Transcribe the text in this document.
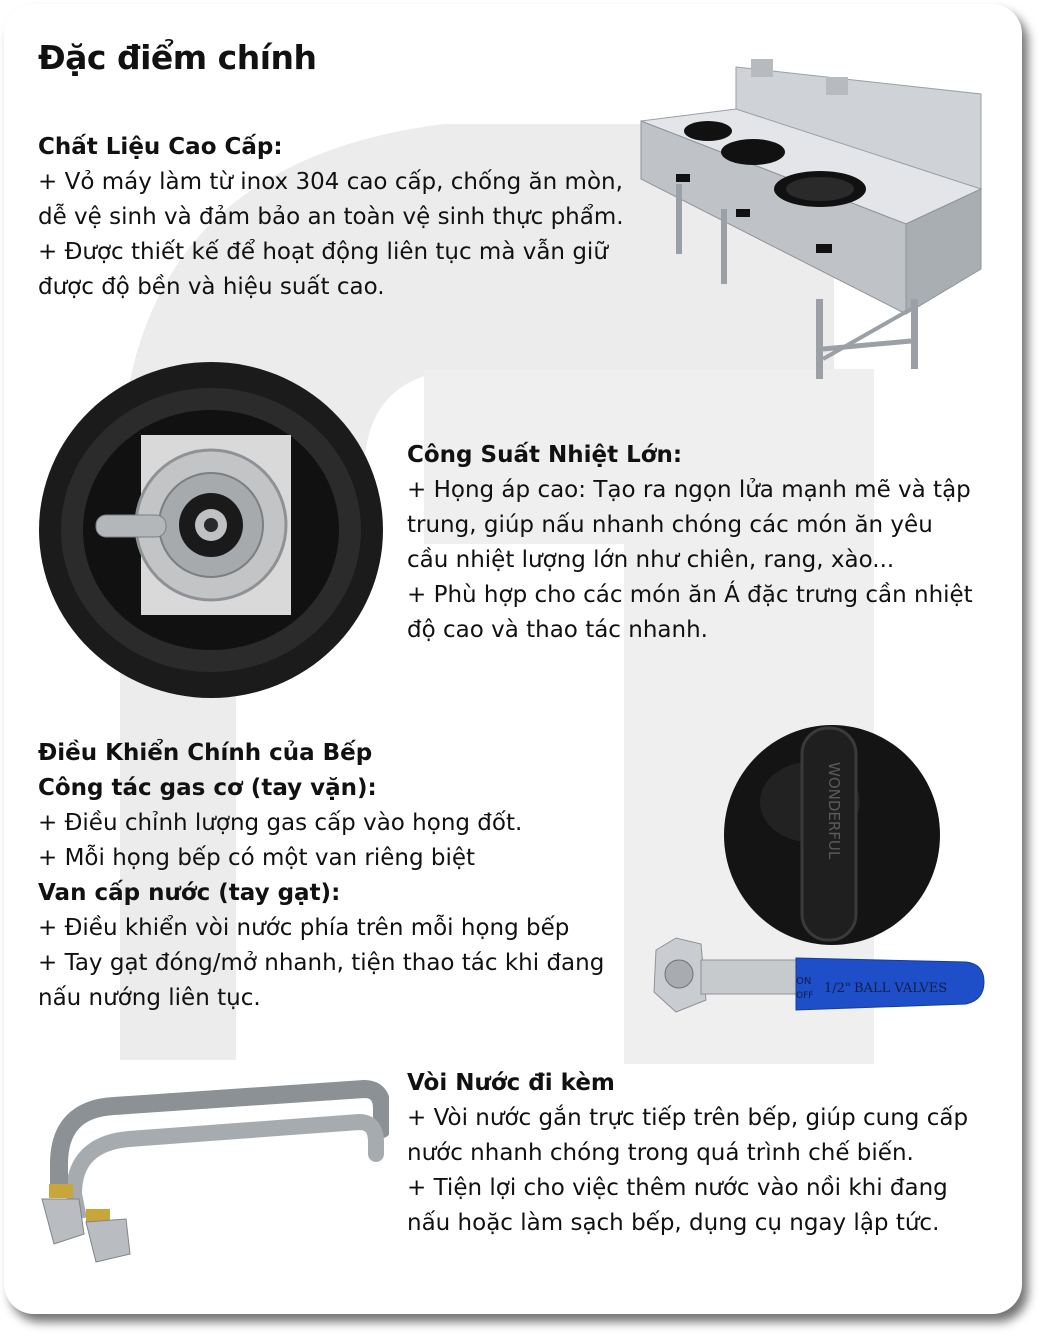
Đặc điểm chính
Chất Liệu Cao Cấp:
+ Vỏ máy làm từ inox 304 cao cấp, chống ăn mòn,
dễ vệ sinh và đảm bảo an toàn vệ sinh thực phẩm.
+ Được thiết kế để hoạt động liên tục mà vẫn giữ
được độ bền và hiệu suất cao.
Công Suất Nhiệt Lớn:
+ Họng áp cao: Tạo ra ngọn lửa mạnh mẽ và tập
trung, giúp nấu nhanh chóng các món ăn yêu
cầu nhiệt lượng lớn như chiên, rang, xào...
+ Phù hợp cho các món ăn Á đặc trưng cần nhiệt
độ cao và thao tác nhanh.
Điều Khiển Chính của Bếp
Công tác gas cơ (tay vặn):
+ Điều chỉnh lượng gas cấp vào họng đốt.
+ Mỗi họng bếp có một van riêng biệt
Van cấp nước (tay gạt):
+ Điều khiển vòi nước phía trên mỗi họng bếp
+ Tay gạt đóng/mở nhanh, tiện thao tác khi đang
nấu nướng liên tục.
WONDERFUL
ON
OFF 1/2" BALL VALVES
Vòi Nước đi kèm
+ Vòi nước gắn trực tiếp trên bếp, giúp cung cấp
nước nhanh chóng trong quá trình chế biến.
+ Tiện lợi cho việc thêm nước vào nồi khi đang
nấu hoặc làm sạch bếp, dụng cụ ngay lập tức.
